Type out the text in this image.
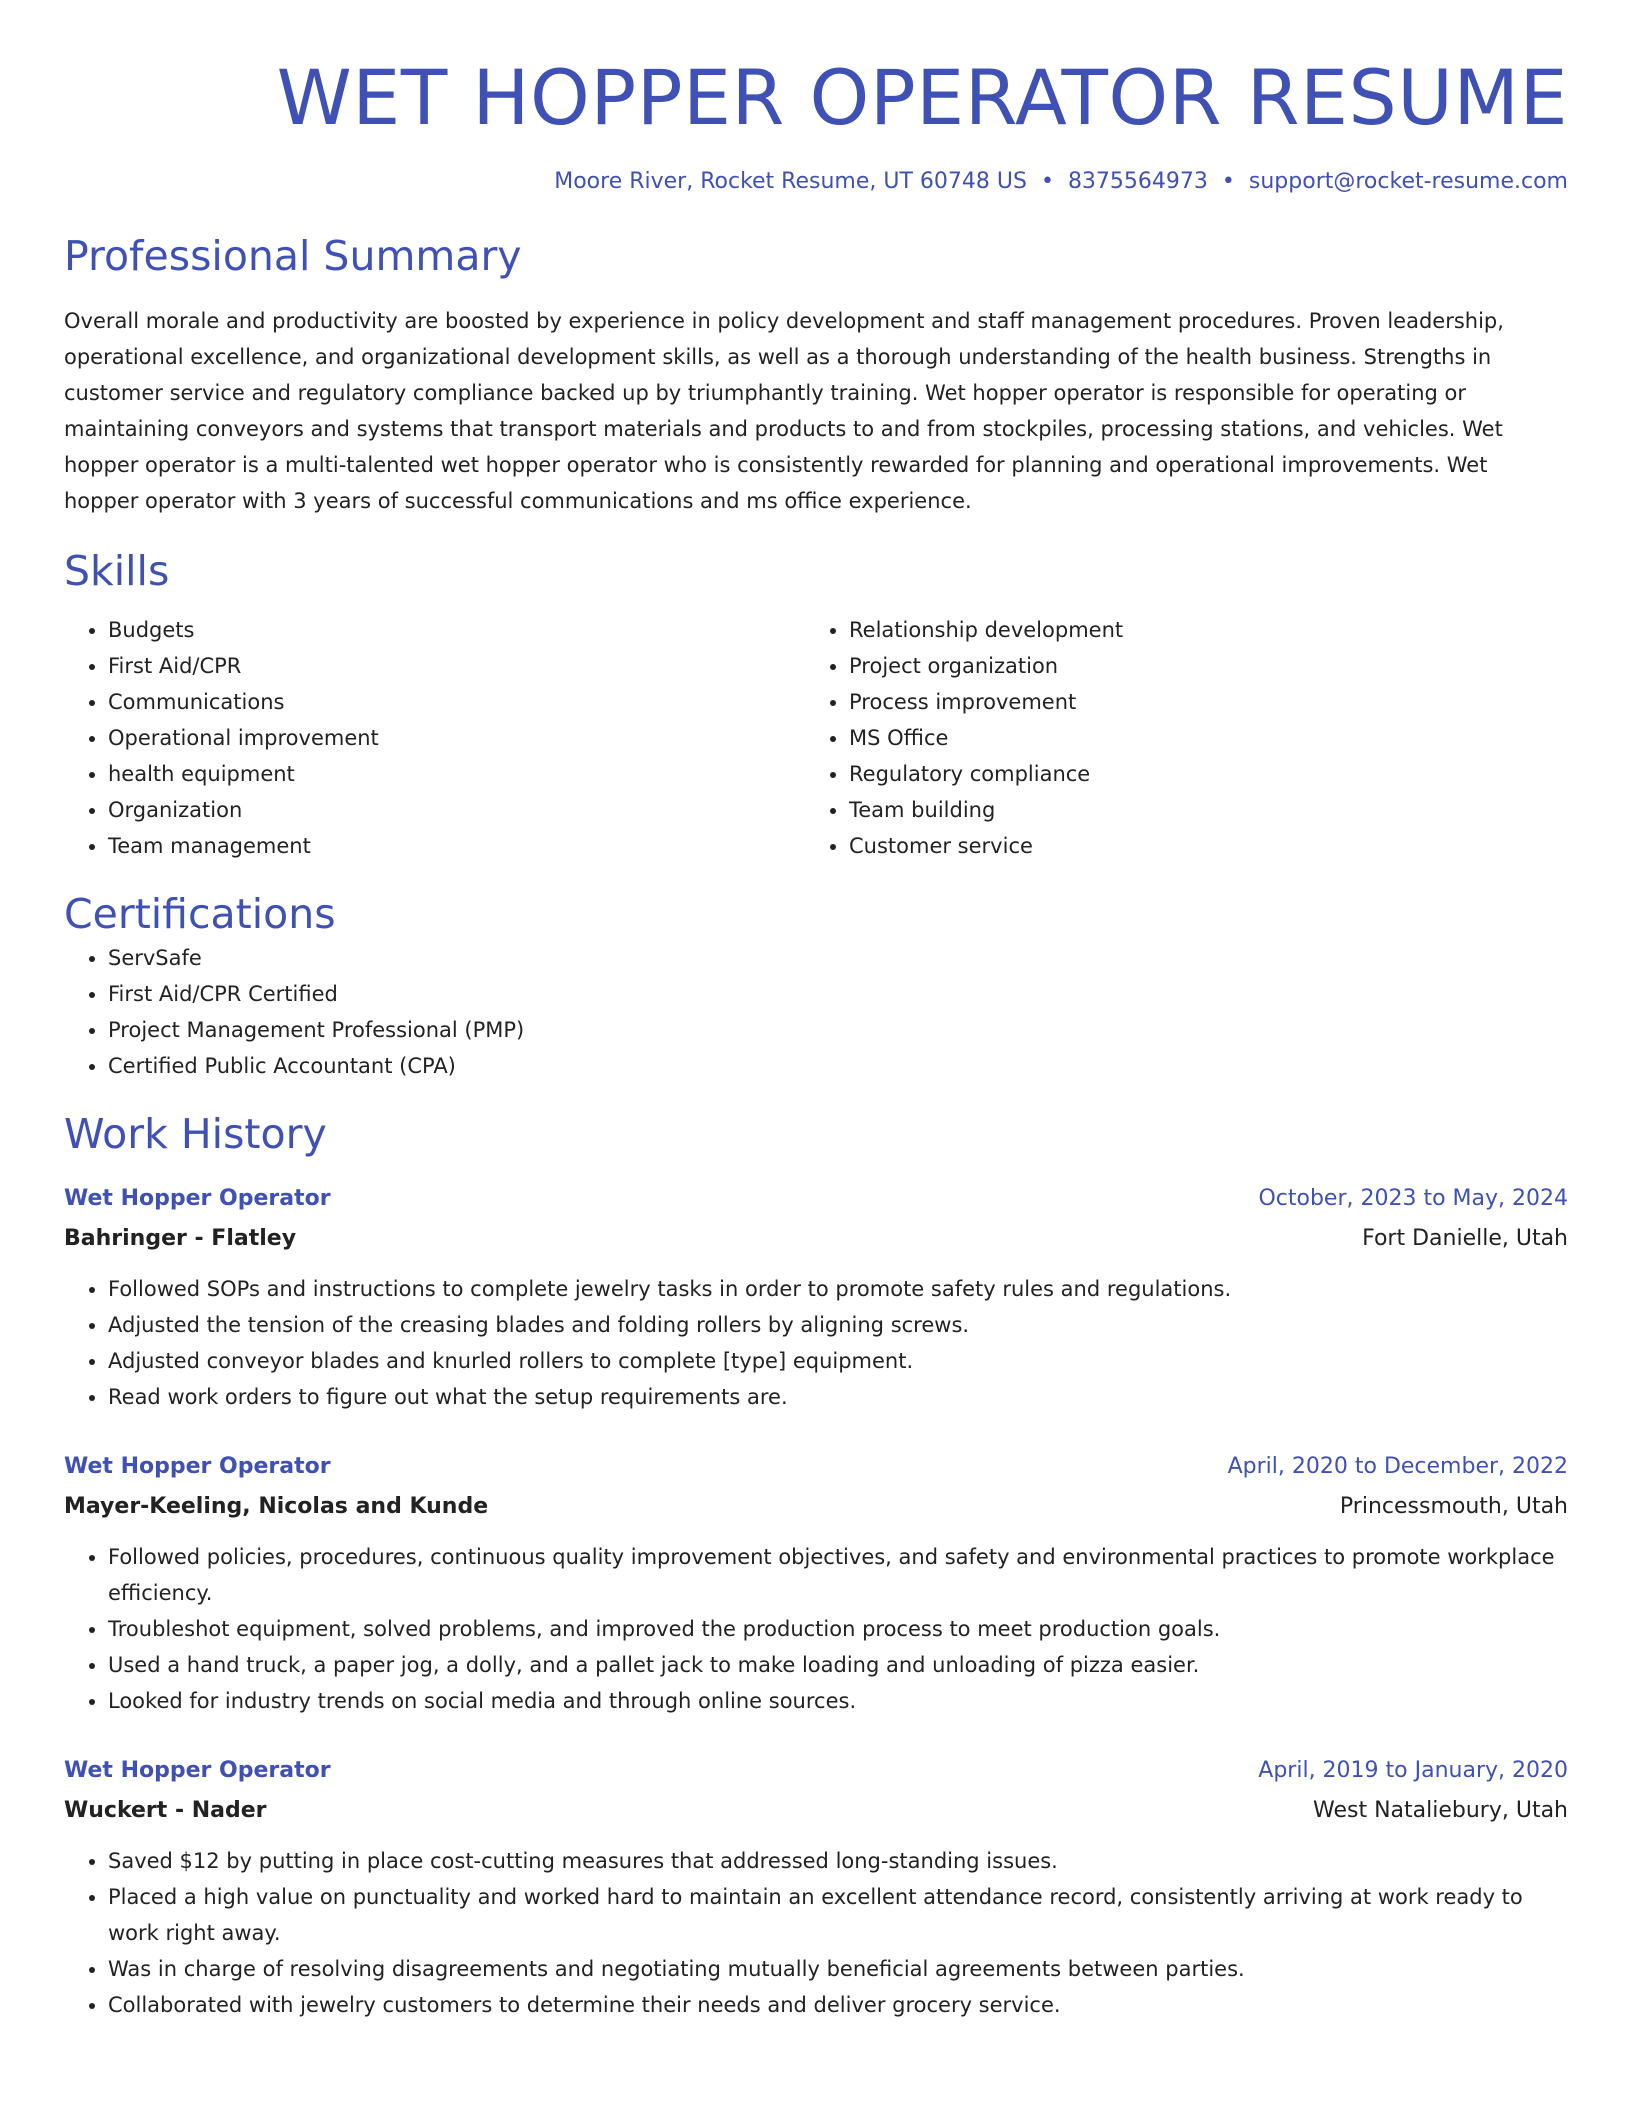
WET HOPPER OPERATOR RESUME
Moore River, Rocket Resume, UT 60748 US • 8375564973 • support@rocket-resume.com
Professional Summary

Overall morale and productivity are boosted by experience in policy development and staff management procedures. Proven leadership, operational excellence, and organizational development skills, as well as a thorough understanding of the health business. Strengths in customer service and regulatory compliance backed up by triumphantly training. Wet hopper operator is responsible for operating or maintaining conveyors and systems that transport materials and products to and from stockpiles, processing stations, and vehicles. Wet hopper operator is a multi-talented wet hopper operator who is consistently rewarded for planning and operational improvements. Wet hopper operator with 3 years of successful communications and ms office experience.

Skills
• Budgets
• First Aid/CPR
• Communications
• Operational improvement
• health equipment
• Organization
• Team management
• Relationship development
• Project organization
• Process improvement
• MS Office
• Regulatory compliance
• Team building
• Customer service
Certifications
• ServSafe
• First Aid/CPR Certified
• Project Management Professional (PMP)
• Certified Public Accountant (CPA)
Work History
Wet Hopper Operator	October, 2023 to May, 2024
Bahringer - Flatley	Fort Danielle, Utah
• Followed SOPs and instructions to complete jewelry tasks in order to promote safety rules and regulations.
• Adjusted the tension of the creasing blades and folding rollers by aligning screws.
• Adjusted conveyor blades and knurled rollers to complete [type] equipment.
• Read work orders to figure out what the setup requirements are.
Wet Hopper Operator	April, 2020 to December, 2022
Mayer-Keeling, Nicolas and Kunde	Princessmouth, Utah
• Followed policies, procedures, continuous quality improvement objectives, and safety and environmental practices to promote workplace efficiency.
• Troubleshot equipment, solved problems, and improved the production process to meet production goals.
• Used a hand truck, a paper jog, a dolly, and a pallet jack to make loading and unloading of pizza easier.
• Looked for industry trends on social media and through online sources.
Wet Hopper Operator	April, 2019 to January, 2020
Wuckert - Nader	West Nataliebury, Utah
• Saved $12 by putting in place cost-cutting measures that addressed long-standing issues.
• Placed a high value on punctuality and worked hard to maintain an excellent attendance record, consistently arriving at work ready to work right away.
• Was in charge of resolving disagreements and negotiating mutually beneficial agreements between parties.
• Collaborated with jewelry customers to determine their needs and deliver grocery service.
